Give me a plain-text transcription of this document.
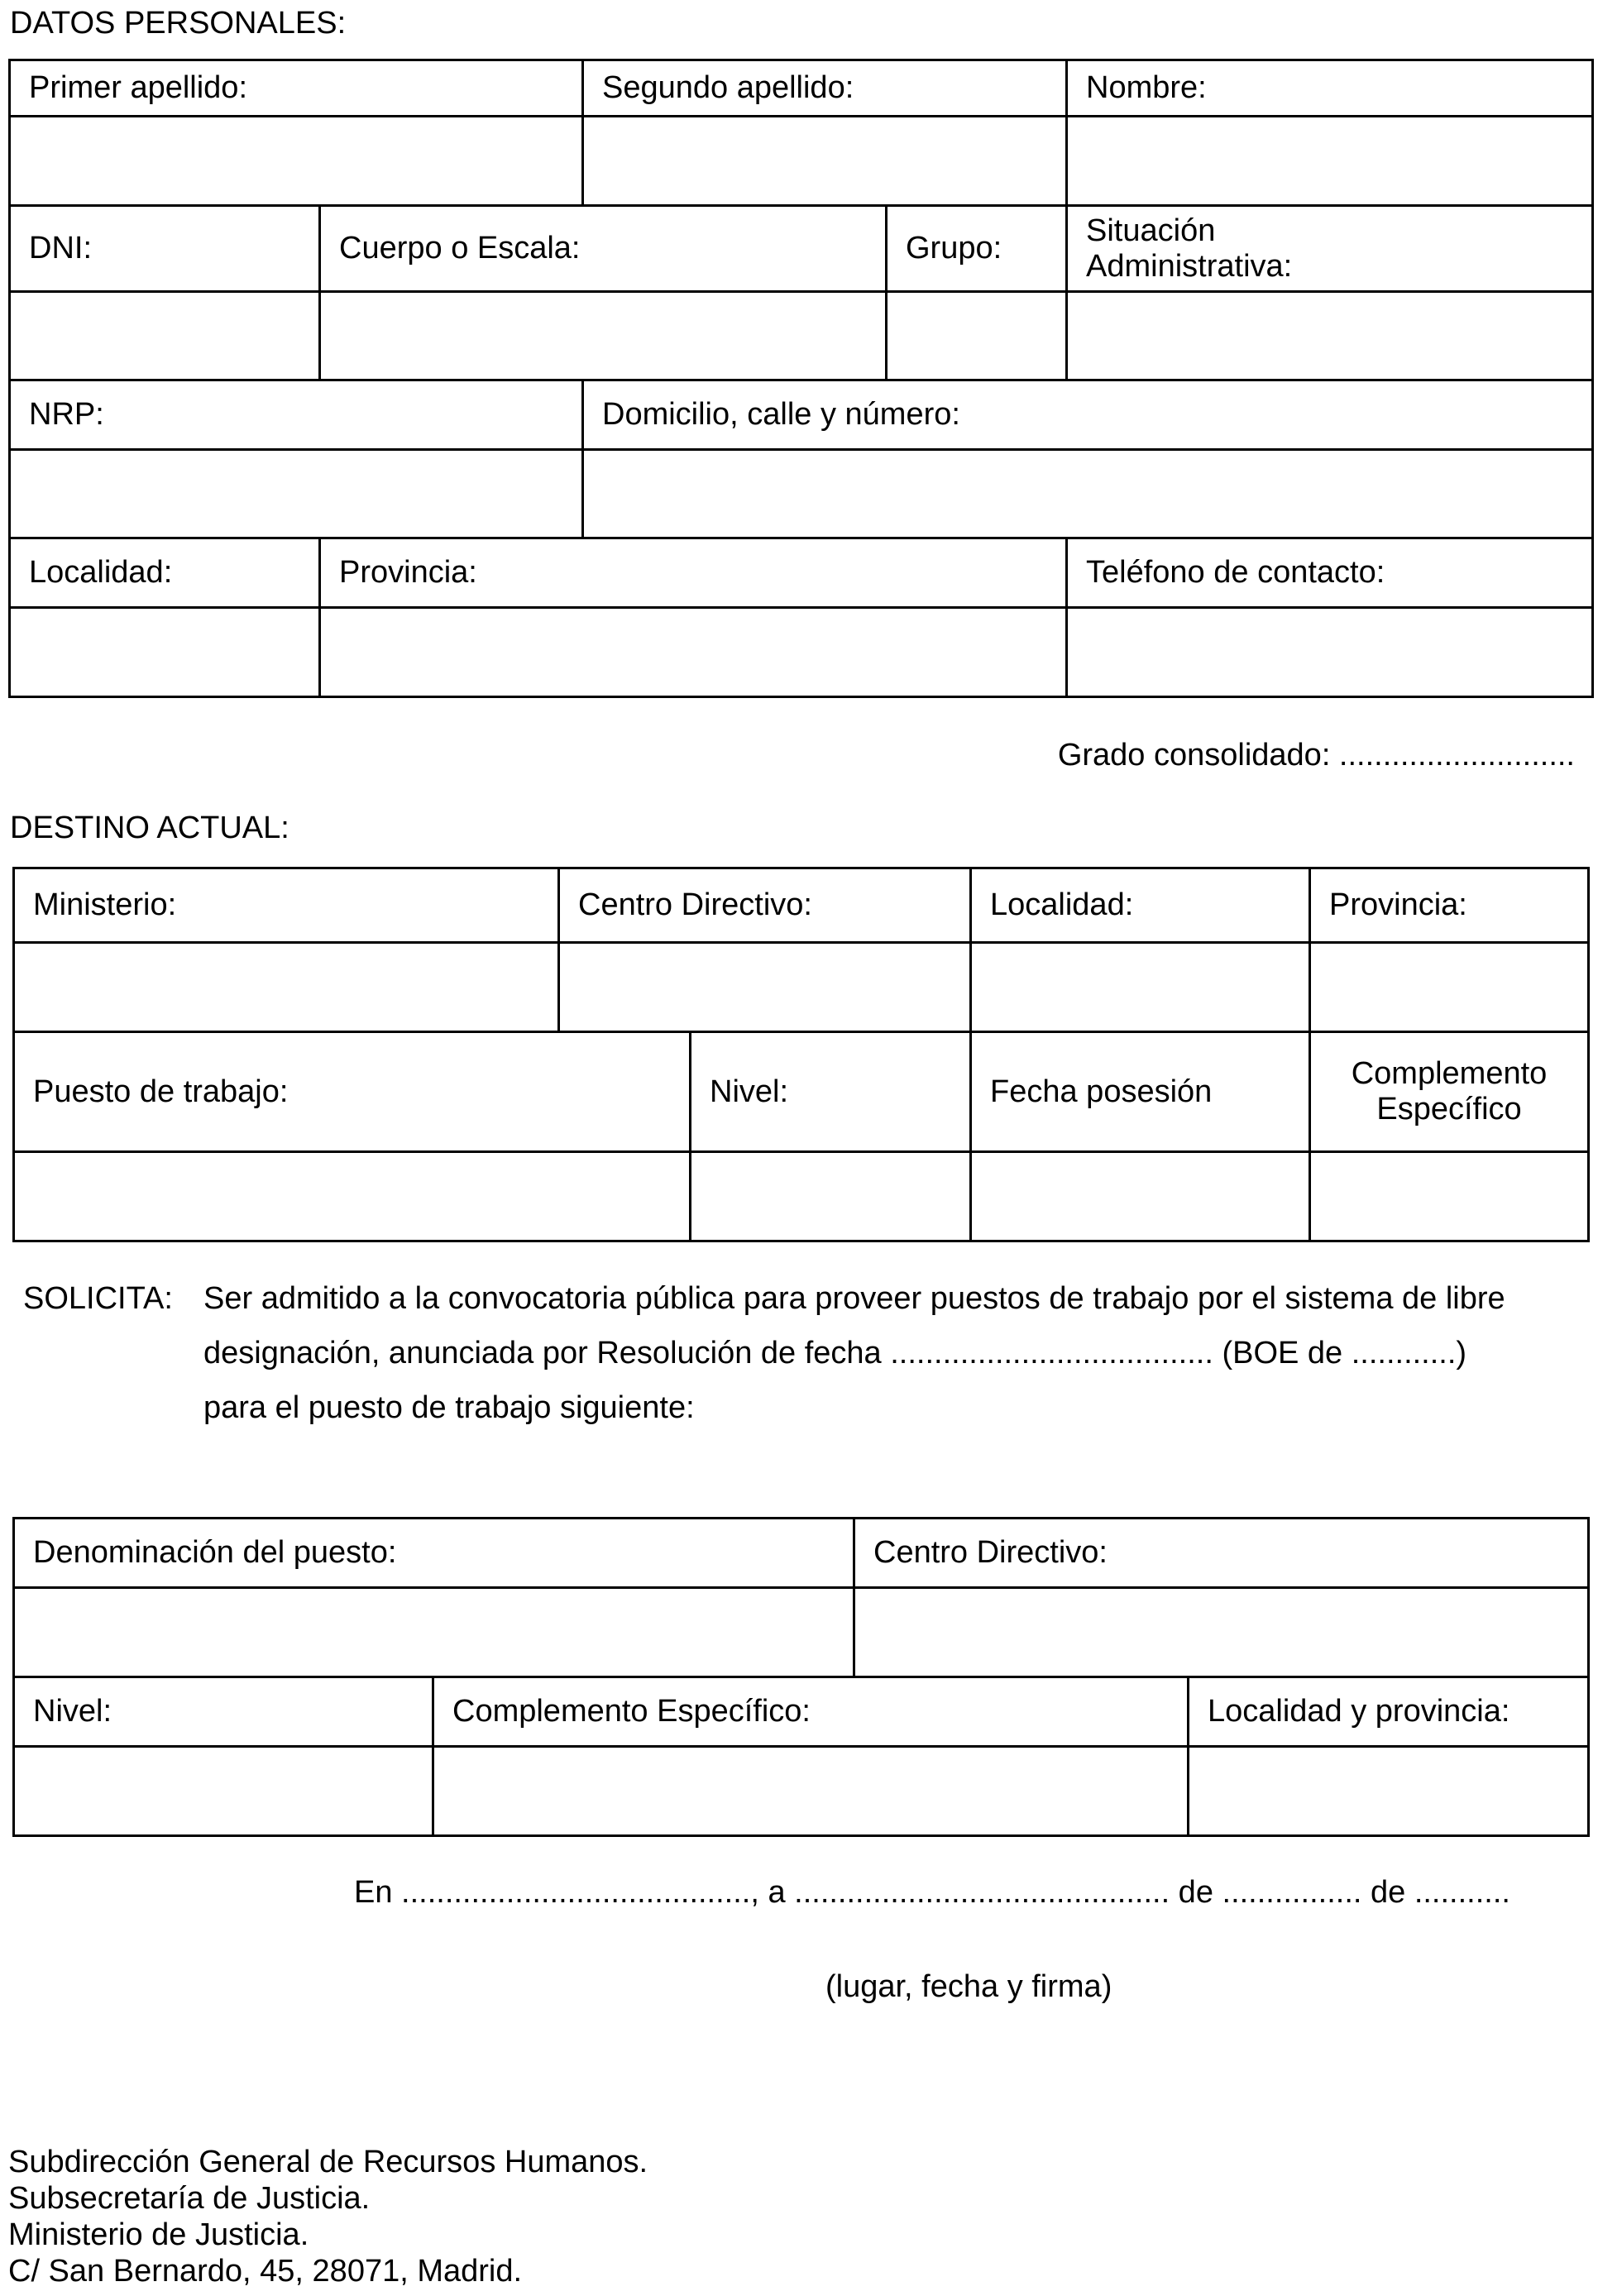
DATOS PERSONALES:
Primer apellido:		Segundo apellido:		Nombre:

DNI:	Cuerpo o Escala:		Grupo:	Situación
Administrativa:

NRP:		Domicilio, calle y número:		

Localidad:	Provincia:			Teléfono de contacto:

Grado consolidado: ...........................
DESTINO ACTUAL:
Ministerio:	Centro Directivo:		Localidad:	Provincia:

Puesto de trabajo:		Nivel:	Fecha posesión	Complemento
Específico

SOLICITA: Ser admitido a la convocatoria pública para proveer puestos de trabajo por el sistema de libre
designación, anunciada por Resolución de fecha ..................................... (BOE de ............)
para el puesto de trabajo siguiente:
Denominación del puesto:		Centro Directivo:	

Nivel:	Complemento Específico:		Localidad y provincia:

En ........................................, a ........................................... de ................ de ...........
(lugar, fecha y firma)
Subdirección General de Recursos Humanos.
Subsecretaría de Justicia.
Ministerio de Justicia.
C/ San Bernardo, 45, 28071, Madrid.
